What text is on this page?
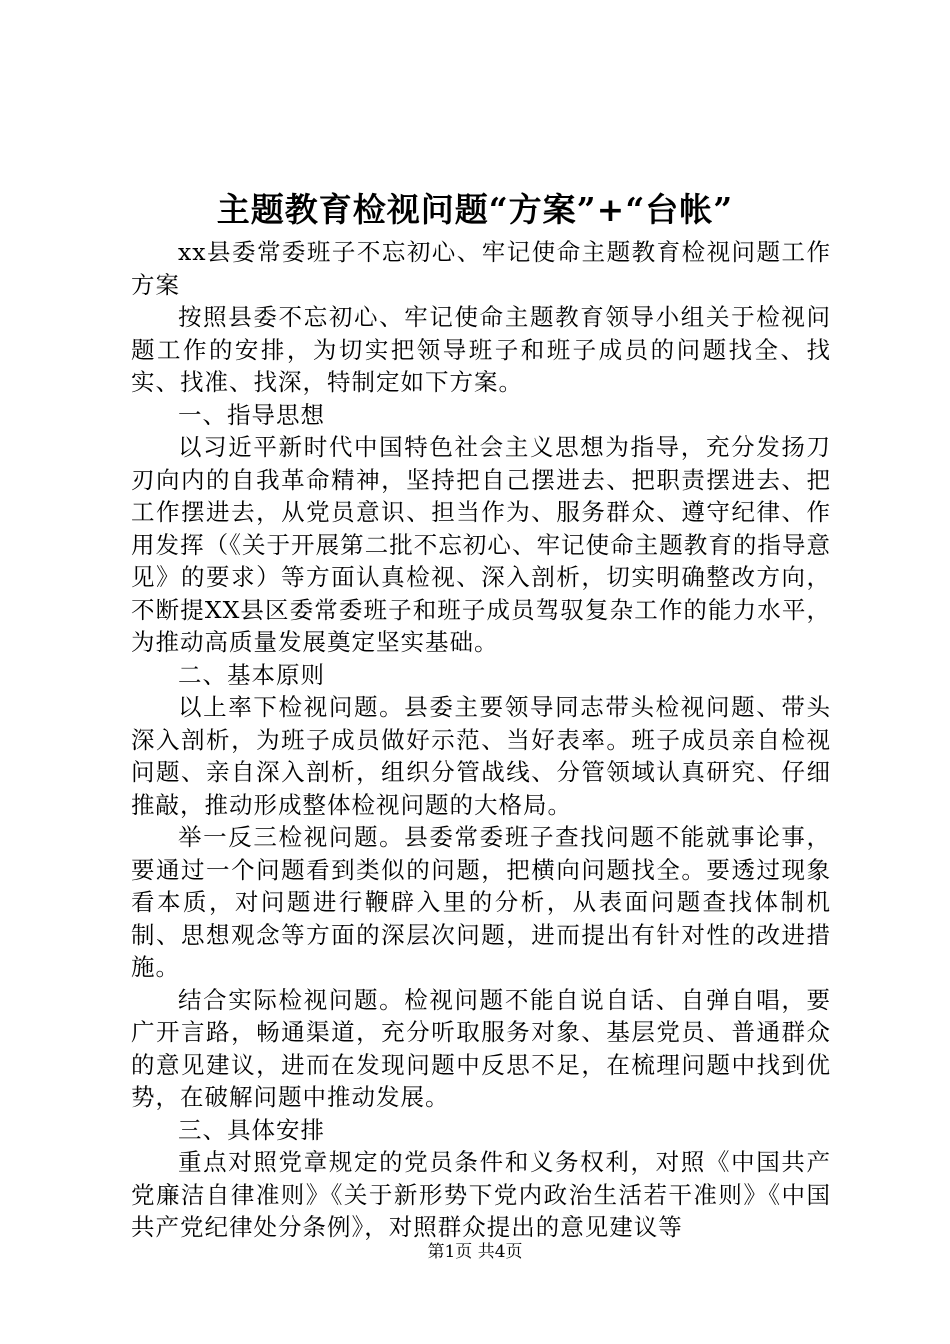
主题教育检视问题“方案”+“台帐”

xx县委常委班子不忘初心、牢记使命主题教育检视问题工作方案

按照县委不忘初心、牢记使命主题教育领导小组关于检视问题工作的安排，为切实把领导班子和班子成员的问题找全、找实、找准、找深，特制定如下方案。

一、指导思想

以习近平新时代中国特色社会主义思想为指导，充分发扬刀刃向内的自我革命精神，坚持把自己摆进去、把职责摆进去、把工作摆进去，从党员意识、担当作为、服务群众、遵守纪律、作用发挥（《关于开展第二批不忘初心、牢记使命主题教育的指导意见》的要求）等方面认真检视、深入剖析，切实明确整改方向，不断提XX县区委常委班子和班子成员驾驭复杂工作的能力水平，为推动高质量发展奠定坚实基础。

二、基本原则

以上率下检视问题。县委主要领导同志带头检视问题、带头深入剖析，为班子成员做好示范、当好表率。班子成员亲自检视问题、亲自深入剖析，组织分管战线、分管领域认真研究、仔细推敲，推动形成整体检视问题的大格局。

举一反三检视问题。县委常委班子查找问题不能就事论事，要通过一个问题看到类似的问题，把横向问题找全。要透过现象看本质，对问题进行鞭辟入里的分析，从表面问题查找体制机制、思想观念等方面的深层次问题，进而提出有针对性的改进措施。

结合实际检视问题。检视问题不能自说自话、自弹自唱，要广开言路，畅通渠道，充分听取服务对象、基层党员、普通群众的意见建议，进而在发现问题中反思不足，在梳理问题中找到优势，在破解问题中推动发展。

三、具体安排

重点对照党章规定的党员条件和义务权利，对照《中国共产党廉洁自律准则》《关于新形势下党内政治生活若干准则》《中国共产党纪律处分条例》，对照群众提出的意见建议等

第1页 共4页
